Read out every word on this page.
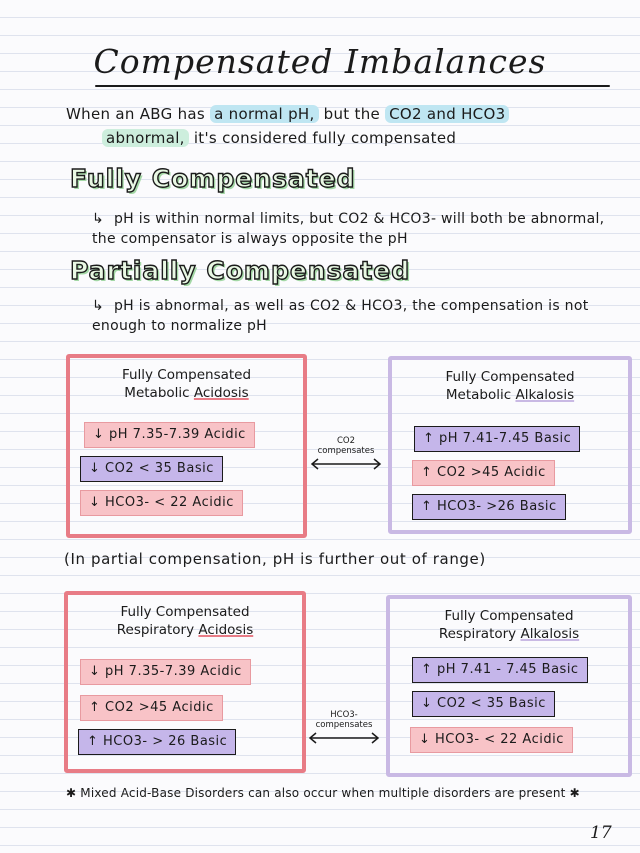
Compensated Imbalances
When an ABG has a normal pH, but the CO2 and HCO3
abnormal, it's considered fully compensated
Fully Compensated
↳ pH is within normal limits, but CO2 & HCO3- will both be abnormal, the compensator is always opposite the pH
Partially Compensated
↳ pH is abnormal, as well as CO2 & HCO3, the compensation is not enough to normalize pH
Fully Compensated
Metabolic Acidosis
↓ pH 7.35-7.39 Acidic
↓ CO2 < 35 Basic
↓ HCO3- < 22 Acidic
CO2
compensates
Fully Compensated
Metabolic Alkalosis
↑ pH 7.41-7.45 Basic
↑ CO2 >45 Acidic
↑ HCO3- >26 Basic
(In partial compensation, pH is further out of range)
Fully Compensated
Respiratory Acidosis
↓ pH 7.35-7.39 Acidic
↑ CO2 >45 Acidic
↑ HCO3- > 26 Basic
HCO3-
compensates
Fully Compensated
Respiratory Alkalosis
↑ pH 7.41 - 7.45 Basic
↓ CO2 < 35 Basic
↓ HCO3- < 22 Acidic
✱ Mixed Acid-Base Disorders can also occur when multiple disorders are present ✱
17
